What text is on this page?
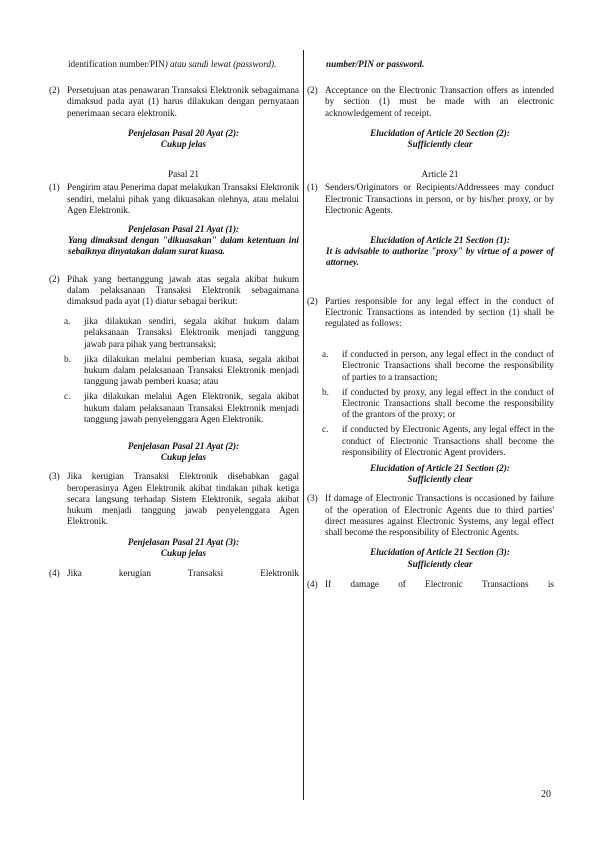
identification number/PIN) atau sandi lewat (password).

(2) Persetujuan atas penawaran Transaksi Elektronik sebagaimana dimaksud pada ayat (1) harus dilakukan dengan pernyataan penerimaan secara elektronik.

Penjelasan Pasal 20 Ayat (2):

Cukup jelas

Pasal 21

(1) Pengirim atau Penerima dapat melakukan Transaksi Elektronik sendiri, melalui pihak yang dikuasakan olehnya, atau melalui Agen Elektronik.

Penjelasan Pasal 21 Ayat (1):

Yang dimaksud dengan "dikuasakan" dalam ketentuan ini sebaiknya dinyatakan dalam surat kuasa.

(2) Pihak yang bertanggung jawab atas segala akibat hukum dalam pelaksanaan Transaksi Elektronik sebagaimana dimaksud pada ayat (1) diatur sebagai berikut:
a. jika dilakukan sendiri, segala akibat hukum dalam pelaksanaan Transaksi Elektronik menjadi tanggung jawab para pihak yang bertransaksi;
b. jika dilakukan melalui pemberian kuasa, segala akibat hukum dalam pelaksanaan Transaksi Elektronik menjadi tanggung jawab pemberi kuasa; atau
c. jika dilakukan melalui Agen Elektronik, segala akibat hukum dalam pelaksanaan Transaksi Elektronik menjadi tanggung jawab penyelenggara Agen Elektronik.

Penjelasan Pasal 21 Ayat (2):

Cukup jelas

(3) Jika kerugian Transaksi Elektronik disebabkan gagal beroperasinya Agen Elektronik akibat tindakan pihak ketiga secara langsung terhadap Sistem Elektronik, segala akibat hukum menjadi tanggung jawab penyelenggara Agen Elektronik.

Penjelasan Pasal 21 Ayat (3):

Cukup jelas

(4) Jika kerugian Transaksi Elektronik

number/PIN or password.

(2) Acceptance on the Electronic Transaction offers as intended by section (1) must be made with an electronic acknowledgement of receipt.

Elucidation of Article 20 Section (2):

Sufficiently clear

Article 21

(1) Senders/Originators or Recipients/Addressees may conduct Electronic Transactions in person, or by his/her proxy, or by Electronic Agents.

Elucidation of Article 21 Section (1):

It is advisable to authorize "proxy" by virtue of a power of attorney.

(2) Parties responsible for any legal effect in the conduct of Electronic Transactions as intended by section (1) shall be regulated as follows:
a. if conducted in person, any legal effect in the conduct of Electronic Transactions shall become the responsibility of parties to a transaction;
b. if conducted by proxy, any legal effect in the conduct of Electronic Transactions shall become the responsibility of the grantors of the proxy; or
c. if conducted by Electronic Agents, any legal effect in the conduct of Electronic Transactions shall become the responsibility of Electronic Agent providers.

Elucidation of Article 21 Section (2):

Sufficiently clear

(3) If damage of Electronic Transactions is occasioned by failure of the operation of Electronic Agents due to third parties' direct measures against Electronic Systems, any legal effect shall become the responsibility of Electronic Agents.

Elucidation of Article 21 Section (3):

Sufficiently clear

(4) If damage of Electronic Transactions is
20
